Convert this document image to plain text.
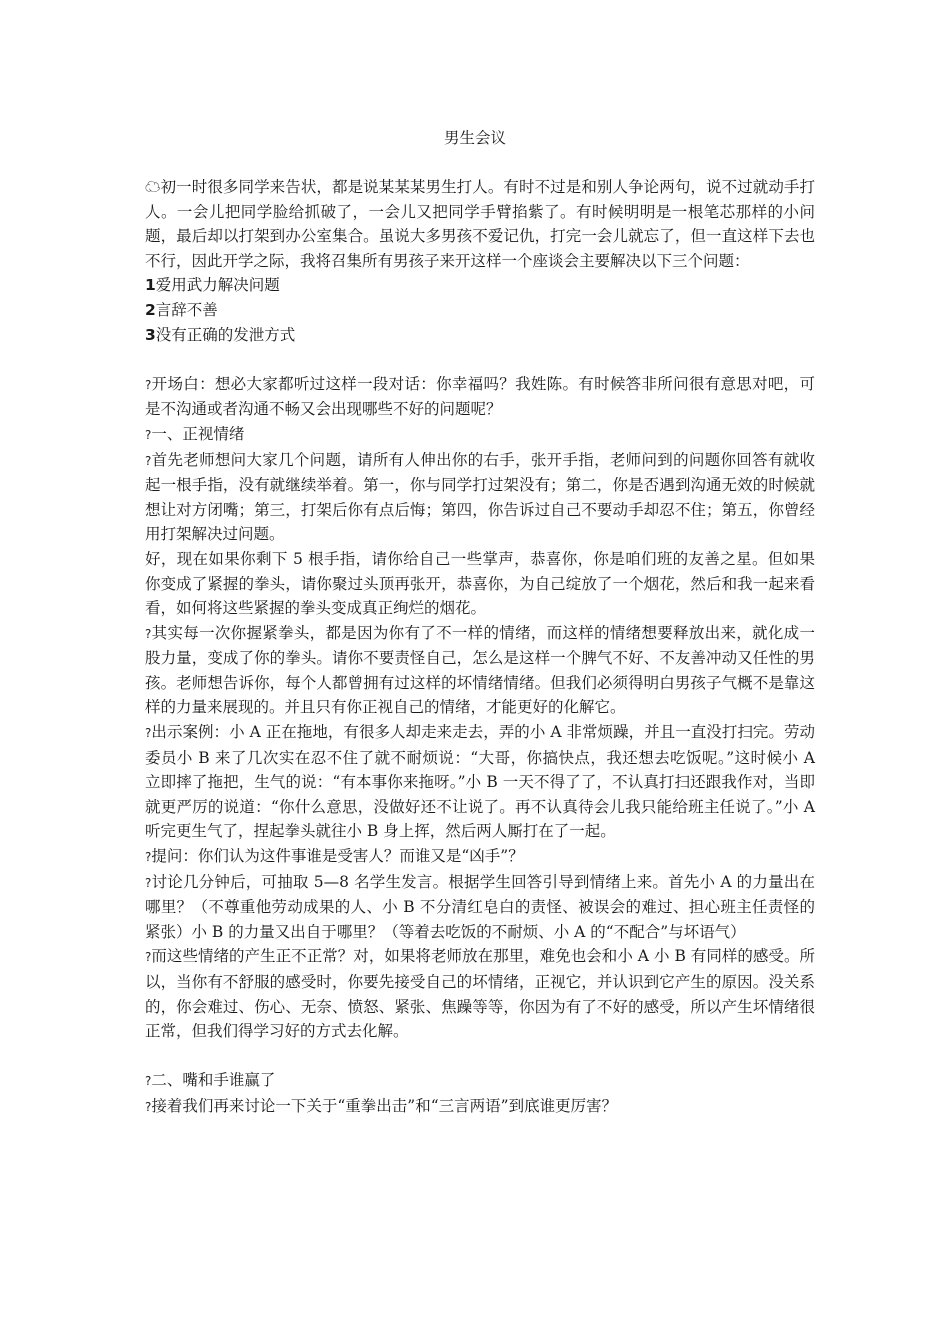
男生会议

☁初一时很多同学来告状，都是说某某某男生打人。有时不过是和别人争论两句，说不过就动手打人。一会儿把同学脸给抓破了，一会儿又把同学手臂掐紫了。有时候明明是一根笔芯那样的小问题，最后却以打架到办公室集合。虽说大多男孩不爱记仇，打完一会儿就忘了，但一直这样下去也不行，因此开学之际，我将召集所有男孩子来开这样一个座谈会主要解决以下三个问题：

1爱用武力解决问题

2言辞不善

3没有正确的发泄方式

?开场白：想必大家都听过这样一段对话：你幸福吗？我姓陈。有时候答非所问很有意思对吧，可是不沟通或者沟通不畅又会出现哪些不好的问题呢？

?一、正视情绪

?首先老师想问大家几个问题，请所有人伸出你的右手，张开手指，老师问到的问题你回答有就收起一根手指，没有就继续举着。第一，你与同学打过架没有；第二，你是否遇到沟通无效的时候就想让对方闭嘴；第三，打架后你有点后悔；第四，你告诉过自己不要动手却忍不住；第五，你曾经用打架解决过问题。

好，现在如果你剩下 5 根手指，请你给自己一些掌声，恭喜你，你是咱们班的友善之星。但如果你变成了紧握的拳头，请你聚过头顶再张开，恭喜你，为自己绽放了一个烟花，然后和我一起来看看，如何将这些紧握的拳头变成真正绚烂的烟花。

?其实每一次你握紧拳头，都是因为你有了不一样的情绪，而这样的情绪想要释放出来，就化成一股力量，变成了你的拳头。请你不要责怪自己，怎么是这样一个脾气不好、不友善冲动又任性的男孩。老师想告诉你，每个人都曾拥有过这样的坏情绪情绪。但我们必须得明白男孩子气概不是靠这样的力量来展现的。并且只有你正视自己的情绪，才能更好的化解它。

?出示案例：小 A 正在拖地，有很多人却走来走去，弄的小 A 非常烦躁，并且一直没打扫完。劳动委员小 B 来了几次实在忍不住了就不耐烦说：“大哥，你搞快点，我还想去吃饭呢。”这时候小 A 立即摔了拖把，生气的说：“有本事你来拖呀。”小 B 一天不得了了，不认真打扫还跟我作对，当即就更严厉的说道：“你什么意思，没做好还不让说了。再不认真待会儿我只能给班主任说了。”小 A 听完更生气了，捏起拳头就往小 B 身上挥，然后两人厮打在了一起。

?提问：你们认为这件事谁是受害人？而谁又是“凶手”？

?讨论几分钟后，可抽取 5—8 名学生发言。根据学生回答引导到情绪上来。首先小 A 的力量出在哪里？（不尊重他劳动成果的人、小 B 不分清红皂白的责怪、被误会的难过、担心班主任责怪的紧张）小 B 的力量又出自于哪里？（等着去吃饭的不耐烦、小 A 的“不配合”与坏语气）

?而这些情绪的产生正不正常？对，如果将老师放在那里，难免也会和小 A 小 B 有同样的感受。所以，当你有不舒服的感受时，你要先接受自己的坏情绪，正视它，并认识到它产生的原因。没关系的，你会难过、伤心、无奈、愤怒、紧张、焦躁等等，你因为有了不好的感受，所以产生坏情绪很正常，但我们得学习好的方式去化解。

?二、嘴和手谁赢了

?接着我们再来讨论一下关于“重拳出击”和“三言两语”到底谁更厉害？
